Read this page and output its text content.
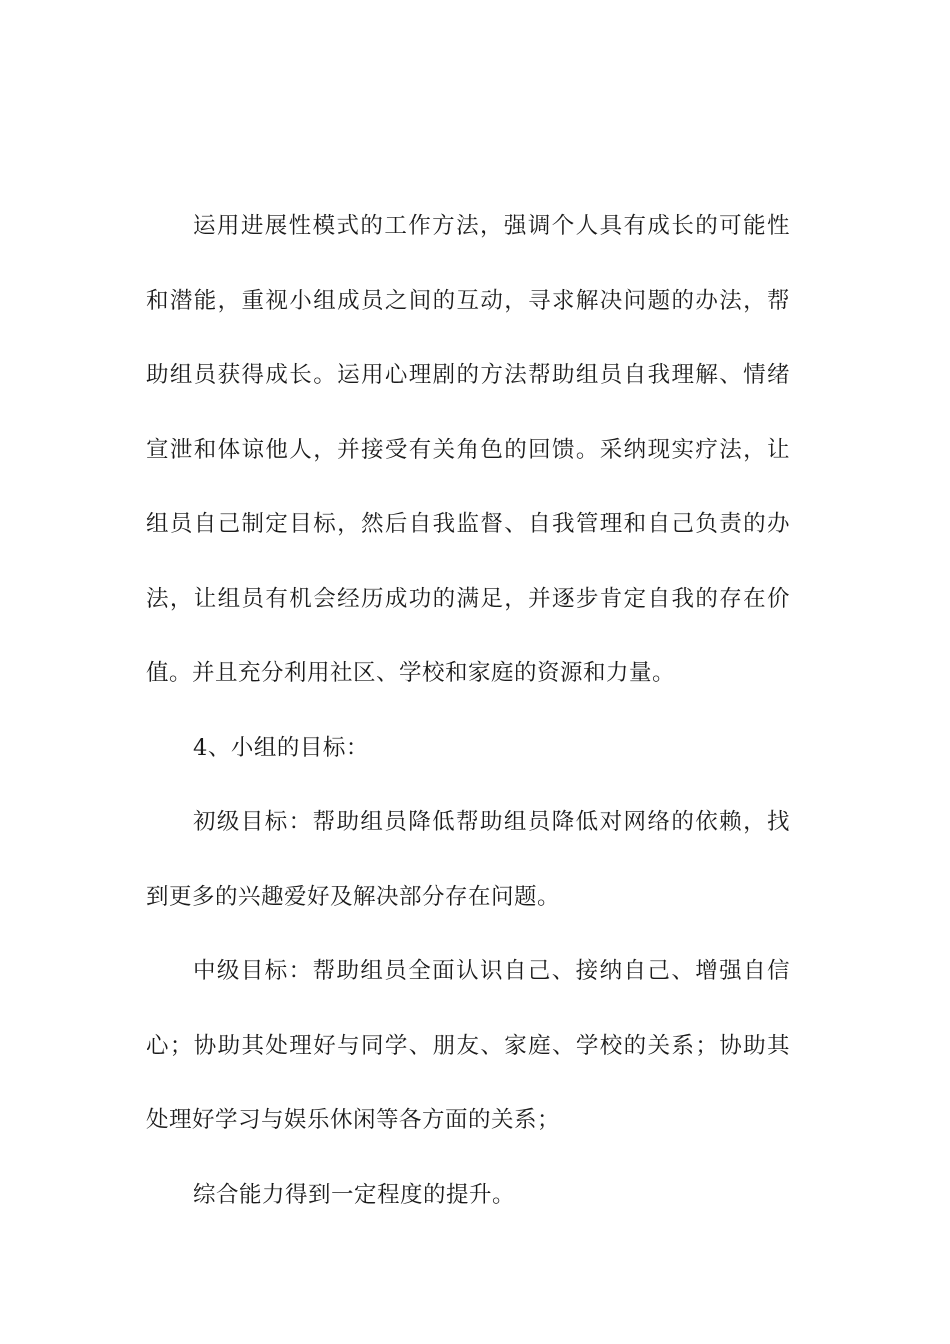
运用进展性模式的工作方法，强调个人具有成长的可能性
和潜能，重视小组成员之间的互动，寻求解决问题的办法，帮
助组员获得成长。运用心理剧的方法帮助组员自我理解、情绪
宣泄和体谅他人，并接受有关角色的回馈。采纳现实疗法，让
组员自己制定目标，然后自我监督、自我管理和自己负责的办
法，让组员有机会经历成功的满足，并逐步肯定自我的存在价
值。并且充分利用社区、学校和家庭的资源和力量。
4、小组的目标：
初级目标：帮助组员降低帮助组员降低对网络的依赖，找
到更多的兴趣爱好及解决部分存在问题。
中级目标：帮助组员全面认识自己、接纳自己、增强自信
心；协助其处理好与同学、朋友、家庭、学校的关系；协助其
处理好学习与娱乐休闲等各方面的关系；
综合能力得到一定程度的提升。
